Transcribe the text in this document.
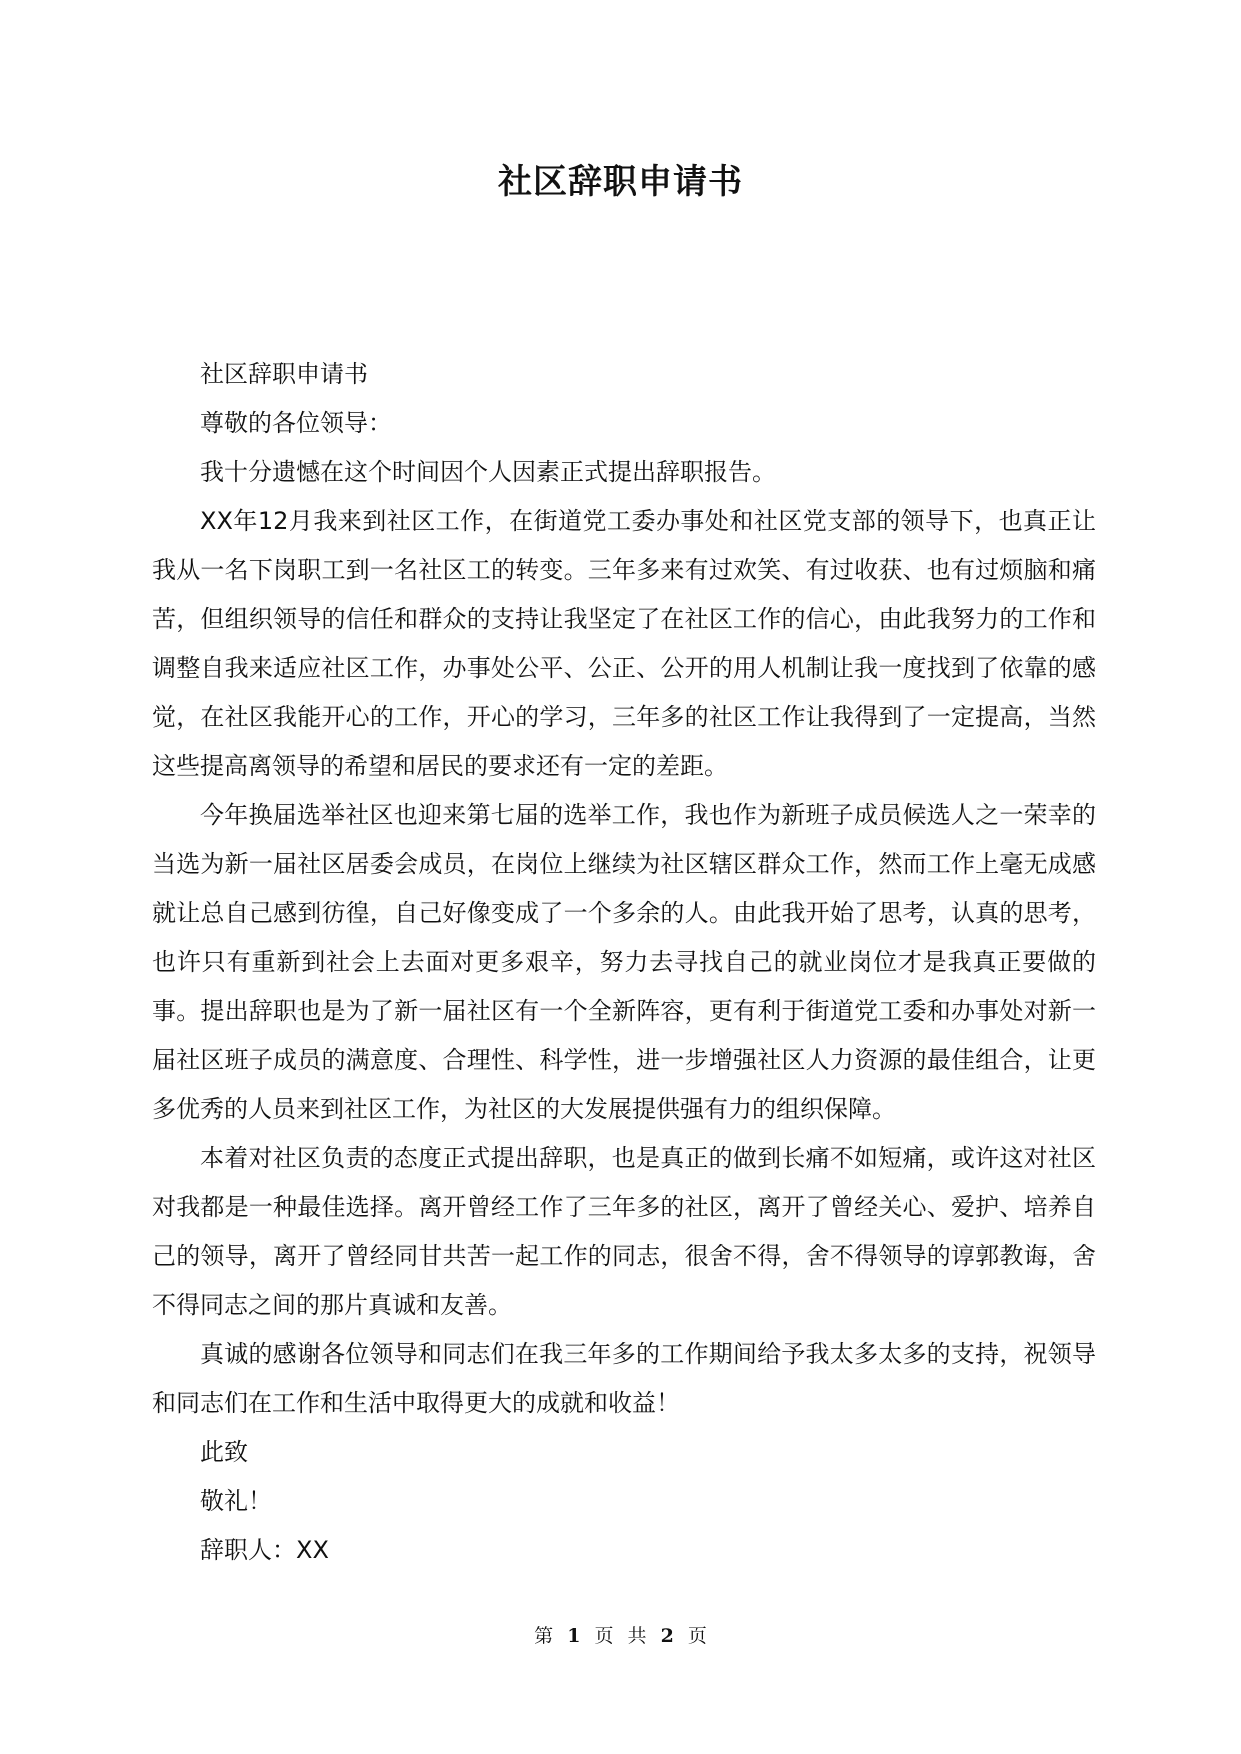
社区辞职申请书

社区辞职申请书

尊敬的各位领导：

我十分遗憾在这个时间因个人因素正式提出辞职报告。

XX年12月我来到社区工作，在街道党工委办事处和社区党支部的领导下，也真正让我从一名下岗职工到一名社区工的转变。三年多来有过欢笑、有过收获、也有过烦脑和痛苦，但组织领导的信任和群众的支持让我坚定了在社区工作的信心，由此我努力的工作和调整自我来适应社区工作，办事处公平、公正、公开的用人机制让我一度找到了依靠的感觉，在社区我能开心的工作，开心的学习，三年多的社区工作让我得到了一定提高，当然这些提高离领导的希望和居民的要求还有一定的差距。

今年换届选举社区也迎来第七届的选举工作，我也作为新班子成员候选人之一荣幸的当选为新一届社区居委会成员，在岗位上继续为社区辖区群众工作，然而工作上毫无成感就让总自己感到彷徨，自己好像变成了一个多余的人。由此我开始了思考，认真的思考，也许只有重新到社会上去面对更多艰辛，努力去寻找自己的就业岗位才是我真正要做的事。提出辞职也是为了新一届社区有一个全新阵容，更有利于街道党工委和办事处对新一届社区班子成员的满意度、合理性、科学性，进一步增强社区人力资源的最佳组合，让更多优秀的人员来到社区工作，为社区的大发展提供强有力的组织保障。

本着对社区负责的态度正式提出辞职，也是真正的做到长痛不如短痛，或许这对社区对我都是一种最佳选择。离开曾经工作了三年多的社区，离开了曾经关心、爱护、培养自己的领导，离开了曾经同甘共苦一起工作的同志，很舍不得，舍不得领导的谆郭教诲，舍不得同志之间的那片真诚和友善。

真诚的感谢各位领导和同志们在我三年多的工作期间给予我太多太多的支持，祝领导和同志们在工作和生活中取得更大的成就和收益！

此致

敬礼！

辞职人：XX

第 1 页 共 2 页
